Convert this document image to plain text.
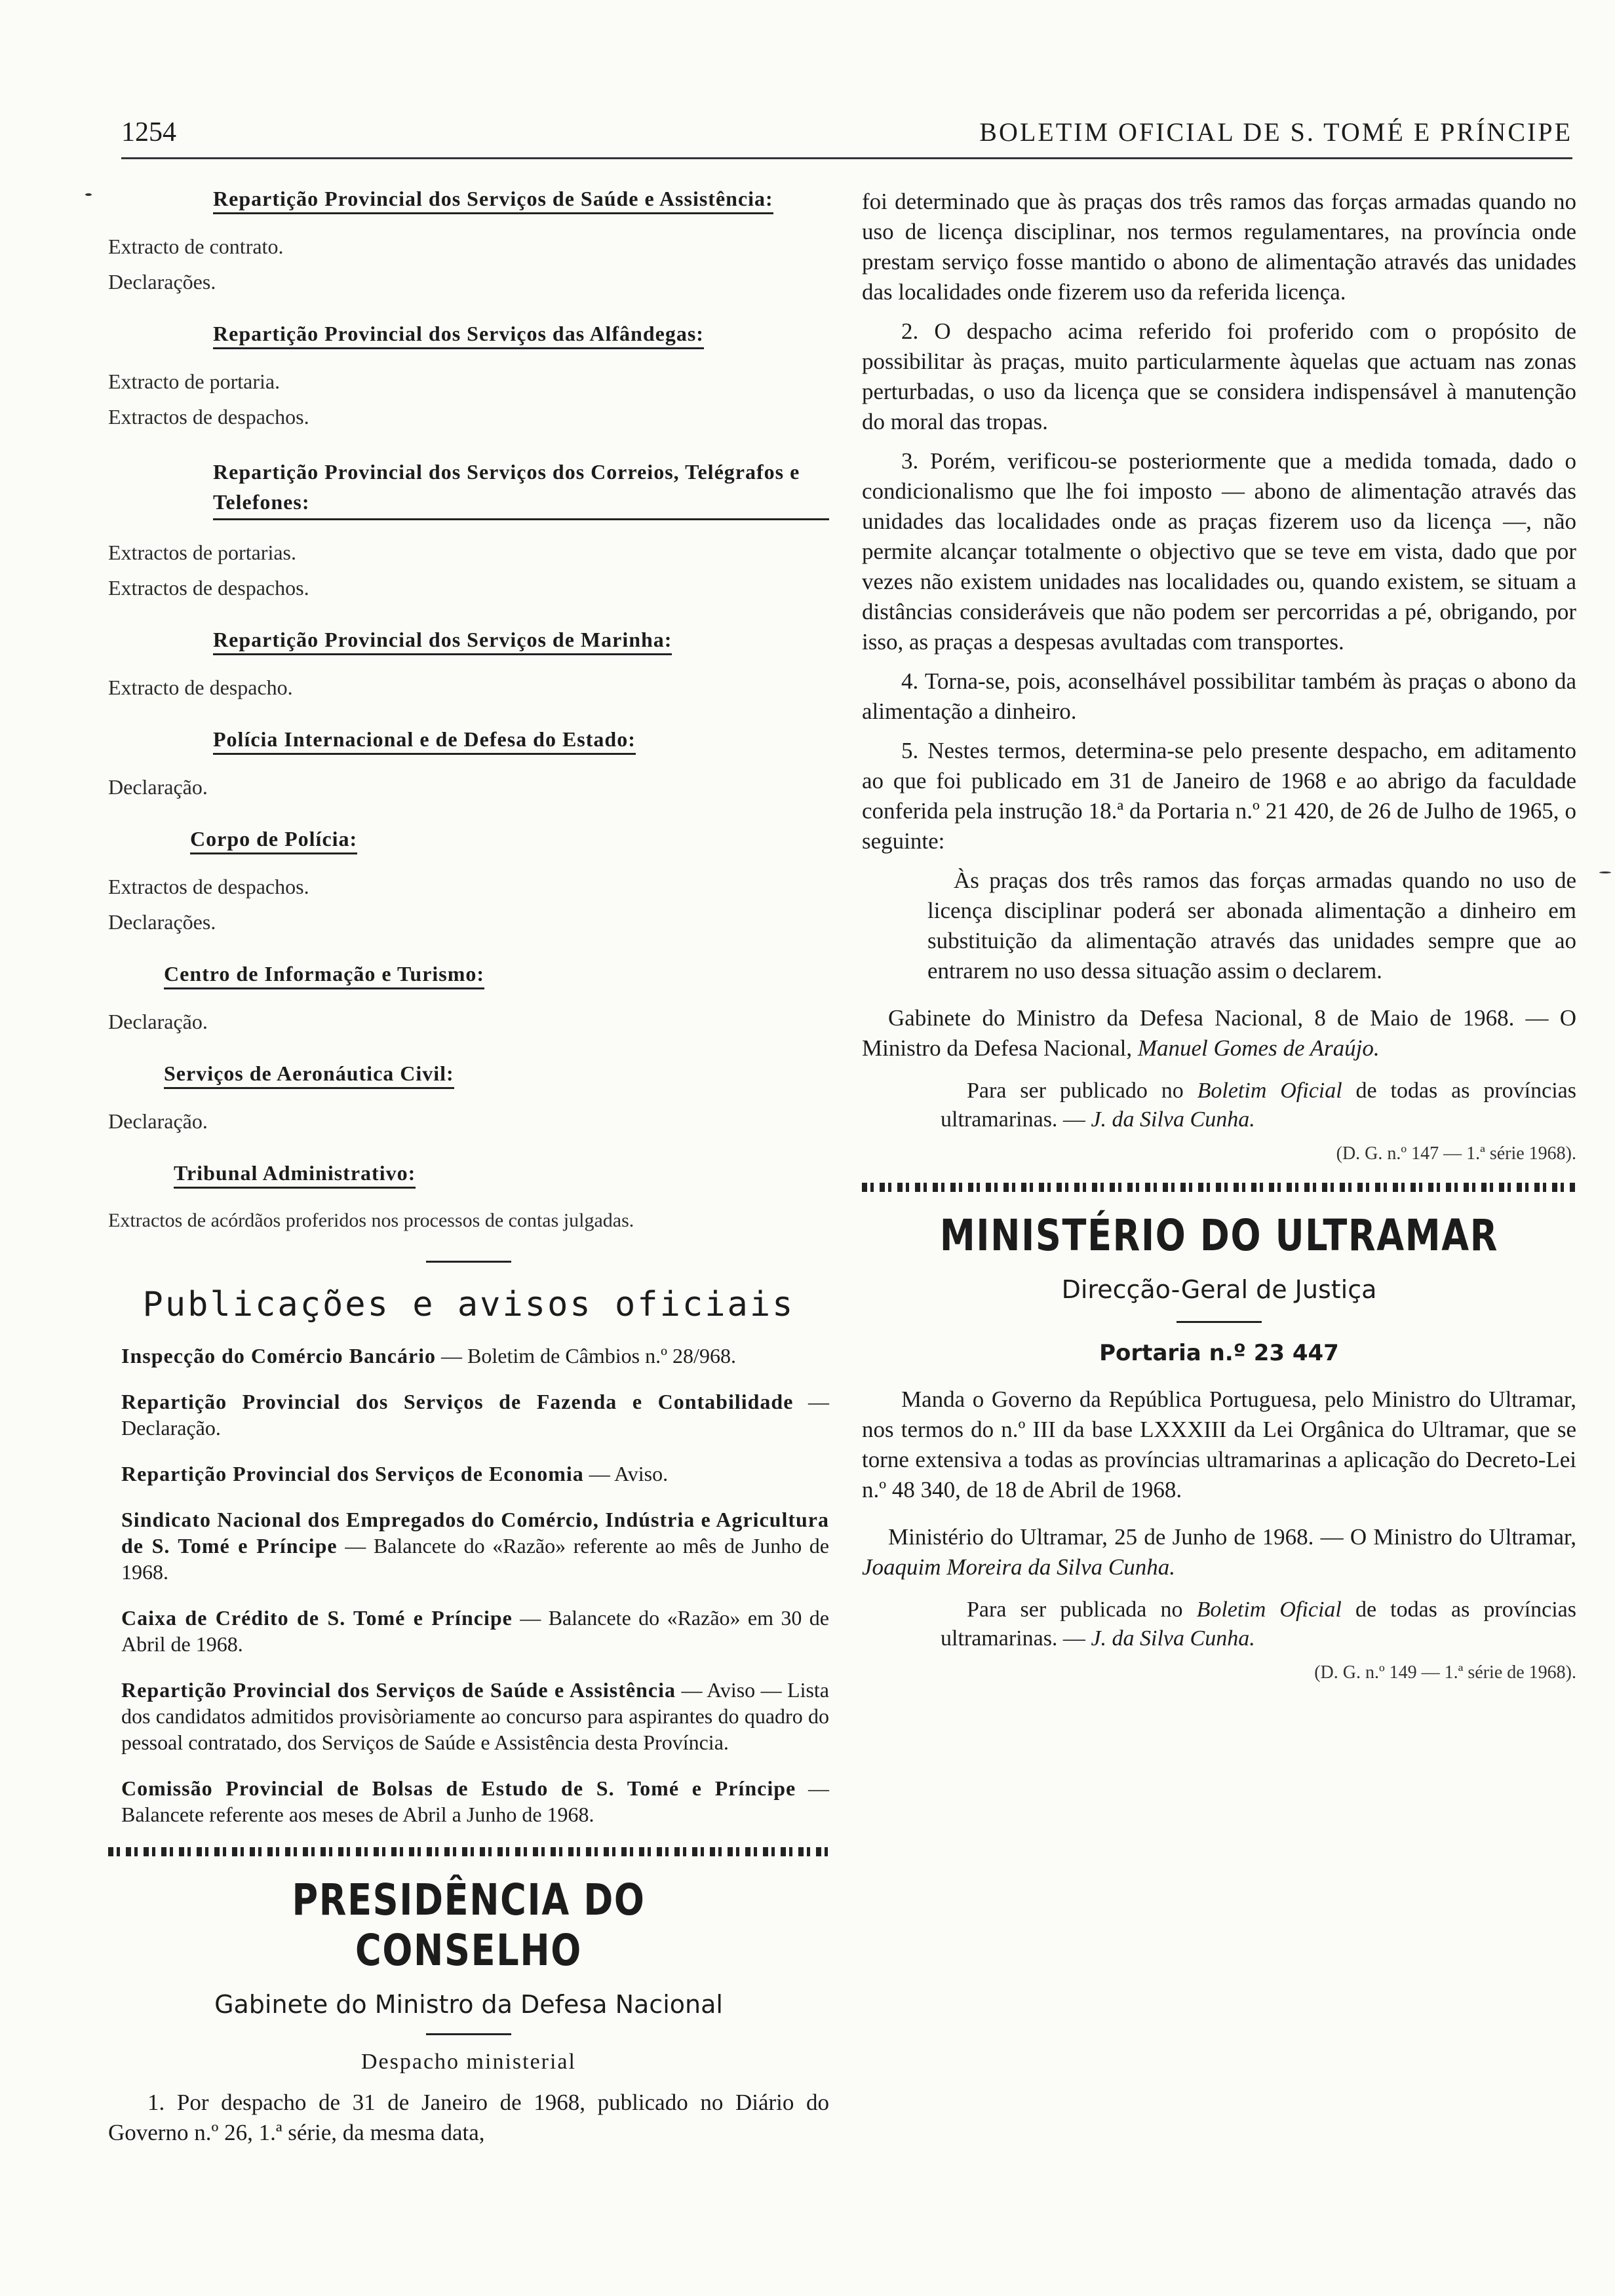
1254	BOLETIM OFICIAL DE S. TOMÉ E PRÍNCIPE
Repartição Provincial dos Serviços de Saúde e Assistência:
Extracto de contrato.
Declarações.
Repartição Provincial dos Serviços das Alfândegas:
Extracto de portaria.
Extractos de despachos.
Repartição Provincial dos Serviços dos Correios, Telégrafos e Telefones:
Extractos de portarias.
Extractos de despachos.
Repartição Provincial dos Serviços de Marinha:
Extracto de despacho.
Polícia Internacional e de Defesa do Estado:
Declaração.
Corpo de Polícia:
Extractos de despachos.
Declarações.
Centro de Informação e Turismo:
Declaração.
Serviços de Aeronáutica Civil:
Declaração.
Tribunal Administrativo:
Extractos de acórdãos proferidos nos processos de contas julgadas.
Publicações e avisos oficiais
Inspecção do Comércio Bancário — Boletim de Câmbios n.º 28/968.
Repartição Provincial dos Serviços de Fazenda e Contabilidade — Declaração.
Repartição Provincial dos Serviços de Economia — Aviso.
Sindicato Nacional dos Empregados do Comércio, Indústria e Agricultura de S. Tomé e Príncipe — Balancete do «Razão» referente ao mês de Junho de 1968.
Caixa de Crédito de S. Tomé e Príncipe — Balancete do «Razão» em 30 de Abril de 1968.
Repartição Provincial dos Serviços de Saúde e Assistência — Aviso — Lista dos candidatos admitidos provisòriamente ao concurso para aspirantes do quadro do pessoal contratado, dos Serviços de Saúde e Assistência desta Província.
Comissão Provincial de Bolsas de Estudo de S. Tomé e Príncipe — Balancete referente aos meses de Abril a Junho de 1968.
PRESIDÊNCIA DO CONSELHO
Gabinete do Ministro da Defesa Nacional
Despacho ministerial
1. Por despacho de 31 de Janeiro de 1968, publicado no Diário do Governo n.º 26, 1.ª série, da mesma data,
foi determinado que às praças dos três ramos das forças armadas quando no uso de licença disciplinar, nos termos regulamentares, na província onde prestam serviço fosse mantido o abono de alimentação através das unidades das localidades onde fizerem uso da referida licença.
2. O despacho acima referido foi proferido com o propósito de possibilitar às praças, muito particularmente àquelas que actuam nas zonas perturbadas, o uso da licença que se considera indispensável à manutenção do moral das tropas.
3. Porém, verificou-se posteriormente que a medida tomada, dado o condicionalismo que lhe foi imposto — abono de alimentação através das unidades das localidades onde as praças fizerem uso da licença —, não permite alcançar totalmente o objectivo que se teve em vista, dado que por vezes não existem unidades nas localidades ou, quando existem, se situam a distâncias consideráveis que não podem ser percorridas a pé, obrigando, por isso, as praças a despesas avultadas com transportes.
4. Torna-se, pois, aconselhável possibilitar também às praças o abono da alimentação a dinheiro.
5. Nestes termos, determina-se pelo presente despacho, em aditamento ao que foi publicado em 31 de Janeiro de 1968 e ao abrigo da faculdade conferida pela instrução 18.ª da Portaria n.º 21 420, de 26 de Julho de 1965, o seguinte:
Às praças dos três ramos das forças armadas quando no uso de licença disciplinar poderá ser abonada alimentação a dinheiro em substituição da alimentação através das unidades sempre que ao entrarem no uso dessa situação assim o declarem.
Gabinete do Ministro da Defesa Nacional, 8 de Maio de 1968. — O Ministro da Defesa Nacional, Manuel Gomes de Araújo.
Para ser publicado no Boletim Oficial de todas as províncias ultramarinas. — J. da Silva Cunha.
(D. G. n.º 147 — 1.ª série 1968).
MINISTÉRIO DO ULTRAMAR
Direcção-Geral de Justiça
Portaria n.º 23 447
Manda o Governo da República Portuguesa, pelo Ministro do Ultramar, nos termos do n.º III da base LXXXIII da Lei Orgânica do Ultramar, que se torne extensiva a todas as províncias ultramarinas a aplicação do Decreto-Lei n.º 48 340, de 18 de Abril de 1968.
Ministério do Ultramar, 25 de Junho de 1968. — O Ministro do Ultramar, Joaquim Moreira da Silva Cunha.
Para ser publicada no Boletim Oficial de todas as províncias ultramarinas. — J. da Silva Cunha.
(D. G. n.º 149 — 1.ª série de 1968).
